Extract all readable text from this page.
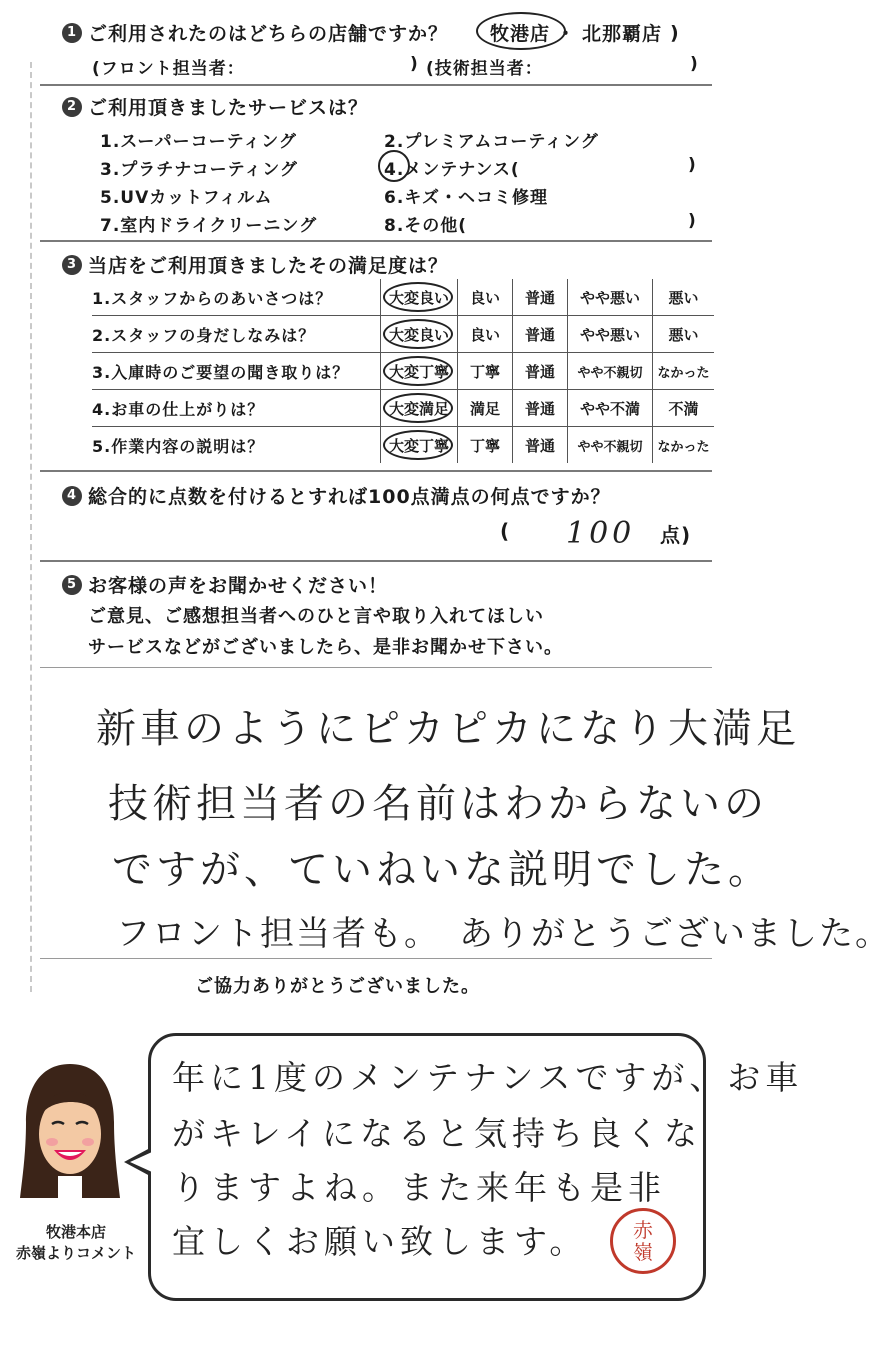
1 ご利用されたのはどちらの店舗ですか？ 牧港店 ・ 北那覇店 )
(フロント担当者：	) (技術担当者：	)
2 ご利用頂きましたサービスは？
1.スーパーコーティング	2.プレミアムコーティング
3.プラチナコーティング	4.メンテナンス(	)
5.UVカットフィルム	6.キズ・ヘコミ修理
7.室内ドライクリーニング	8.その他(	)
3 当店をご利用頂きましたその満足度は？
1.スタッフからのあいさつは？	大変良い	良い	普通	やや悪い	悪い
2.スタッフの身だしなみは？	大変良い	良い	普通	やや悪い	悪い
3.入庫時のご要望の聞き取りは？	大変丁寧	丁寧	普通	やや不親切	なかった
4.お車の仕上がりは？	大変満足	満足	普通	やや不満	不満
5.作業内容の説明は？	大変丁寧	丁寧	普通	やや不親切	なかった
4 総合的に点数を付けるとすれば100点満点の何点ですか？
( 100 点)
5 お客様の声をお聞かせください！
ご意見、ご感想担当者へのひと言や取り入れてほしい
サービスなどがございましたら、是非お聞かせ下さい。
新車のようにピカピカになり大満足
技術担当者の名前はわからないの
ですが、ていねいな説明でした。
フロント担当者も。　ありがとうございました。
ご協力ありがとうございました。
年に1度のメンテナンスですが、お車
がキレイになると気持ち良くな
りますよね。また来年も是非
宜しくお願い致します。 赤
嶺
牧港本店
赤嶺よりコメント
